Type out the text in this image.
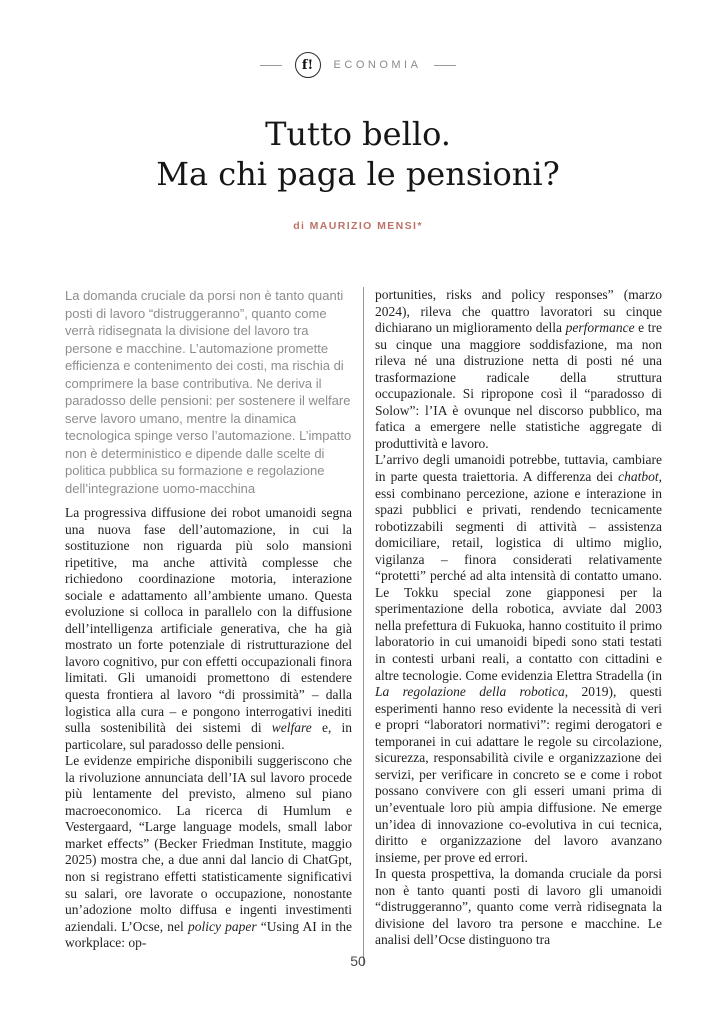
f! ECONOMIA
Tutto bello.
Ma chi paga le pensioni?
di MAURIZIO MENSI*
La domanda cruciale da porsi non è tanto quanti posti di lavoro “distruggeranno”, quanto come verrà ridisegnata la divisione del lavoro tra persone e macchine. L’automazione promette efficienza e contenimento dei costi, ma rischia di comprimere la base contributiva. Ne deriva il paradosso delle pensioni: per sostenere il welfare serve lavoro umano, mentre la dinamica tecnologica spinge verso l’automazione. L’impatto non è deterministico e dipende dalle scelte di politica pubblica su formazione e regolazione dell’integrazione uomo-macchina

La progressiva diffusione dei robot umanoidi segna una nuova fase dell’automazione, in cui la sostituzione non riguarda più solo mansioni ripetitive, ma anche attività complesse che richiedono coordinazione motoria, interazione sociale e adattamento all’ambiente umano. Questa evoluzione si colloca in parallelo con la diffusione dell’intelligenza artificiale generativa, che ha già mostrato un forte potenziale di ristrutturazione del lavoro cognitivo, pur con effetti occupazionali finora limitati. Gli umanoidi promettono di estendere questa frontiera al lavoro “di prossimità” – dalla logistica alla cura – e pongono interrogativi inediti sulla sostenibilità dei sistemi di welfare e, in particolare, sul paradosso delle pensioni.

Le evidenze empiriche disponibili suggeriscono che la rivoluzione annunciata dell’IA sul lavoro procede più lentamente del previsto, almeno sul piano macroeconomico. La ricerca di Humlum e Vestergaard, “Large language models, small labor market effects” (Becker Friedman Institute, maggio 2025) mostra che, a due anni dal lancio di ChatGpt, non si registrano effetti statisticamente significativi su salari, ore lavorate o occupazione, nonostante un’adozione molto diffusa e ingenti investimenti aziendali. L’Ocse, nel policy paper “Using AI in the workplace: op-

portunities, risks and policy responses” (marzo 2024), rileva che quattro lavoratori su cinque dichiarano un miglioramento della performance e tre su cinque una maggiore soddisfazione, ma non rileva né una distruzione netta di posti né una trasformazione radicale della struttura occupazionale. Si ripropone così il “paradosso di Solow”: l’IA è ovunque nel discorso pubblico, ma fatica a emergere nelle statistiche aggregate di produttività e lavoro.

L’arrivo degli umanoidi potrebbe, tuttavia, cambiare in parte questa traiettoria. A differenza dei chatbot, essi combinano percezione, azione e interazione in spazi pubblici e privati, rendendo tecnicamente robotizzabili segmenti di attività – assistenza domiciliare, retail, logistica di ultimo miglio, vigilanza – finora considerati relativamente “protetti” perché ad alta intensità di contatto umano. Le Tokku special zone giapponesi per la sperimentazione della robotica, avviate dal 2003 nella prefettura di Fukuoka, hanno costituito il primo laboratorio in cui umanoidi bipedi sono stati testati in contesti urbani reali, a contatto con cittadini e altre tecnologie. Come evidenzia Elettra Stradella (in La regolazione della robotica, 2019), questi esperimenti hanno reso evidente la necessità di veri e propri “laboratori normativi”: regimi derogatori e temporanei in cui adattare le regole su circolazione, sicurezza, responsabilità civile e organizzazione dei servizi, per verificare in concreto se e come i robot possano convivere con gli esseri umani prima di un’eventuale loro più ampia diffusione. Ne emerge un’idea di innovazione co-evolutiva in cui tecnica, diritto e organizzazione del lavoro avanzano insieme, per prove ed errori.

In questa prospettiva, la domanda cruciale da porsi non è tanto quanti posti di lavoro gli umanoidi “distruggeranno”, quanto come verrà ridisegnata la divisione del lavoro tra persone e macchine. Le analisi dell’Ocse distinguono tra

50
